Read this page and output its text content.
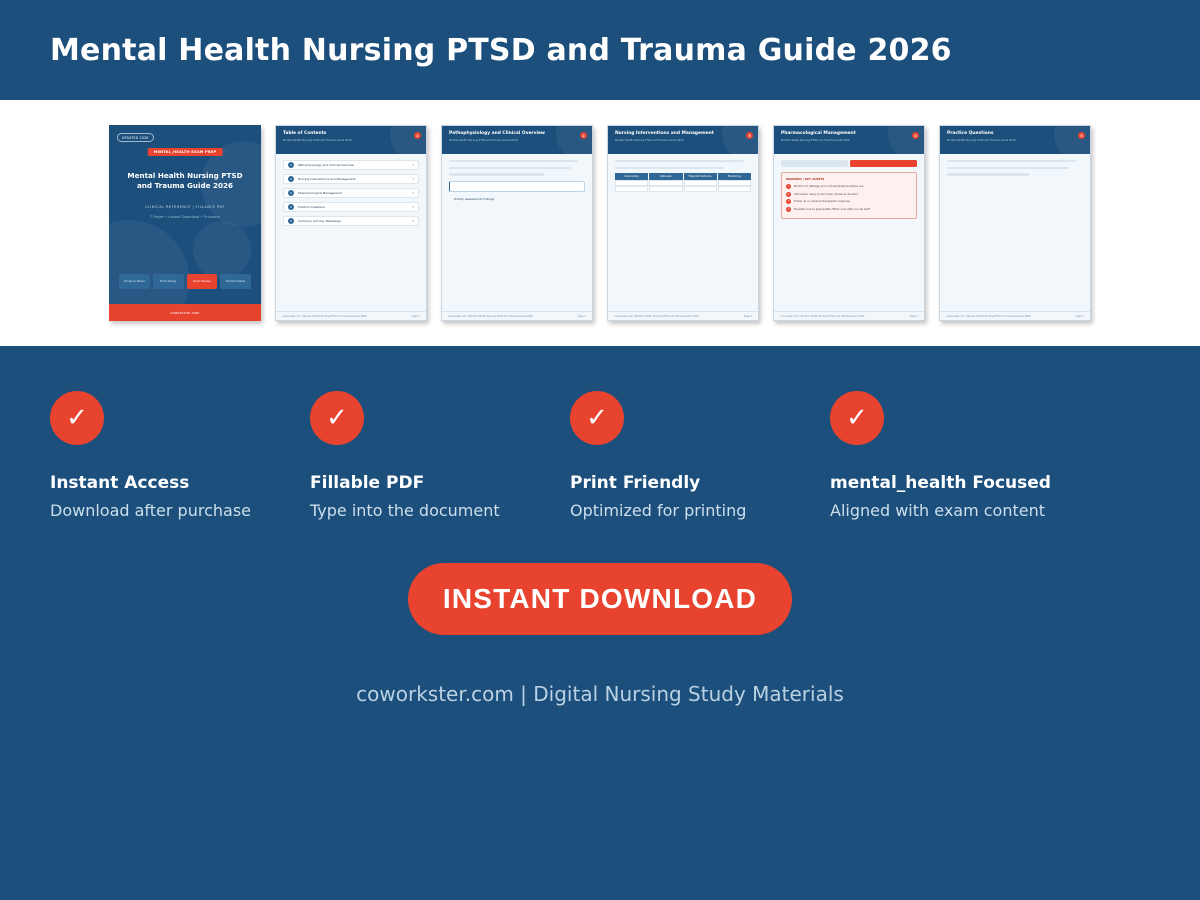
Mental Health Nursing PTSD and Trauma Guide 2026
UPDATED 2026
MENTAL_HEALTH EXAM PREP
Mental Health Nursing PTSD
and Trauma Guide 2026
CLINICAL REFERENCE | FILLABLE PDF
7 Pages • Instant Download • Printable
Evidence Based	Exam Ready	Quick Review	Student Tested
coworkster.com
Table of Contents
Mental Health Nursing PTSD and Trauma Guide 2026
2
1	Pathophysiology and Clinical Overview	2
2	Nursing Interventions and Management	3
3	Pharmacological Management	4
4	Practice Questions	5
5	Summary and Key Takeaways	6
coworkster.com | Mental Health Nursing PTSD and Trauma Guide 2026	Page 2
Pathophysiology and Clinical Overview
Mental Health Nursing PTSD and Trauma Guide 2026
2
Priority Assessment Findings
coworkster.com | Mental Health Nursing PTSD and Trauma Guide 2026	Page 3
Nursing Interventions and Management
Mental Health Nursing PTSD and Trauma Guide 2026
3
Intervention	Rationale	Expected Outcome	Monitoring
coworkster.com | Mental Health Nursing PTSD and Trauma Guide 2026	Page 4
Pharmacological Management
Mental Health Nursing PTSD and Trauma Guide 2026
4
WARNING / KEY ALERTS
1	Monitor for lethargy and contraindications before use
2	Administer using correct dose, titrate as directed
3	Follow up on adverse therapeutic response
4	Escalate care to appropriate officer and notify on-call staff
coworkster.com | Mental Health Nursing PTSD and Trauma Guide 2026	Page 5
Practice Questions
Mental Health Nursing PTSD and Trauma Guide 2026
5
coworkster.com | Mental Health Nursing PTSD and Trauma Guide 2026	Page 6
✓
Instant Access

Download after purchase

✓
Fillable PDF

Type into the document

✓
Print Friendly

Optimized for printing

✓
mental_health Focused

Aligned with exam content

INSTANT DOWNLOAD
coworkster.com | Digital Nursing Study Materials
